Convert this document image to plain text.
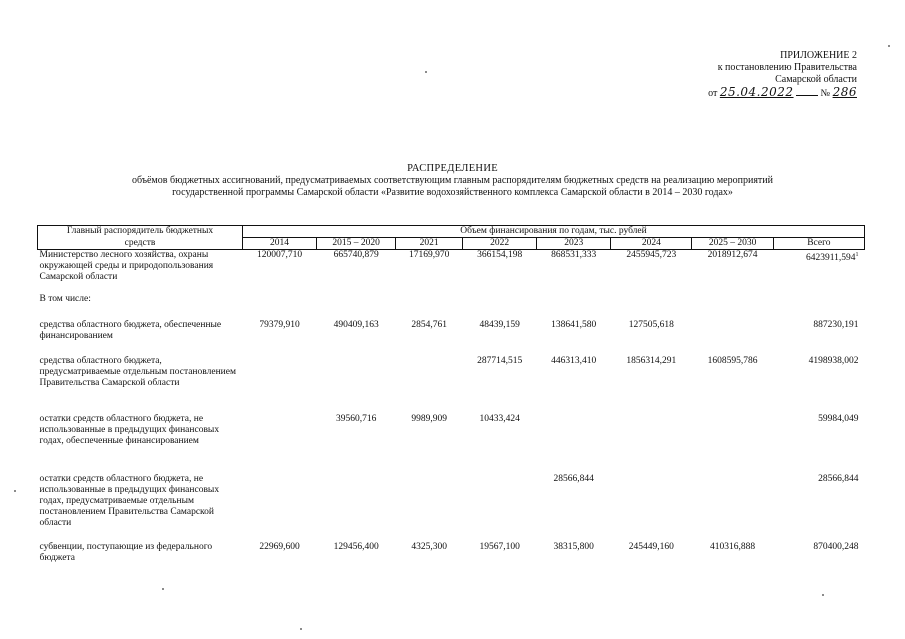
ПРИЛОЖЕНИЕ 2
к постановлению Правительства
Самарской области
от 25.04.2022	№ 286
РАСПРЕДЕЛЕНИЕ
объёмов бюджетных ассигнований, предусматриваемых соответствующим главным распорядителям бюджетных средств на реализацию мероприятий
государственной программы Самарской области «Развитие водохозяйственного комплекса Самарской области в 2014 – 2030 годах»
Главный распорядитель бюджетных	Объем финансирования по годам, тыс. рублей							
средств	2014	2015 – 2020	2021	2022	2023	2024	2025 – 2030	Всего
Министерство лесного хозяйства, охраны окружающей среды и природопользования Самарской области	120007,710	665740,879	17169,970	366154,198	868531,333	2455945,723	2018912,674	6423911,594$^1$
В том числе:								
средства областного бюджета, обеспеченные финансированием	79379,910	490409,163	2854,761	48439,159	138641,580	127505,618		887230,191
средства областного бюджета, предусматриваемые отдельным постановлением Правительства Самарской области				287714,515	446313,410	1856314,291	1608595,786	4198938,002
остатки средств областного бюджета, не использованные в предыдущих финансовых годах, обеспеченные финансированием		39560,716	9989,909	10433,424				59984,049
остатки средств областного бюджета, не использованные в предыдущих финансовых годах, предусматриваемые отдельным постановлением Правительства Самарской области					28566,844			28566,844
субвенции, поступающие из федерального бюджета	22969,600	129456,400	4325,300	19567,100	38315,800	245449,160	410316,888	870400,248
